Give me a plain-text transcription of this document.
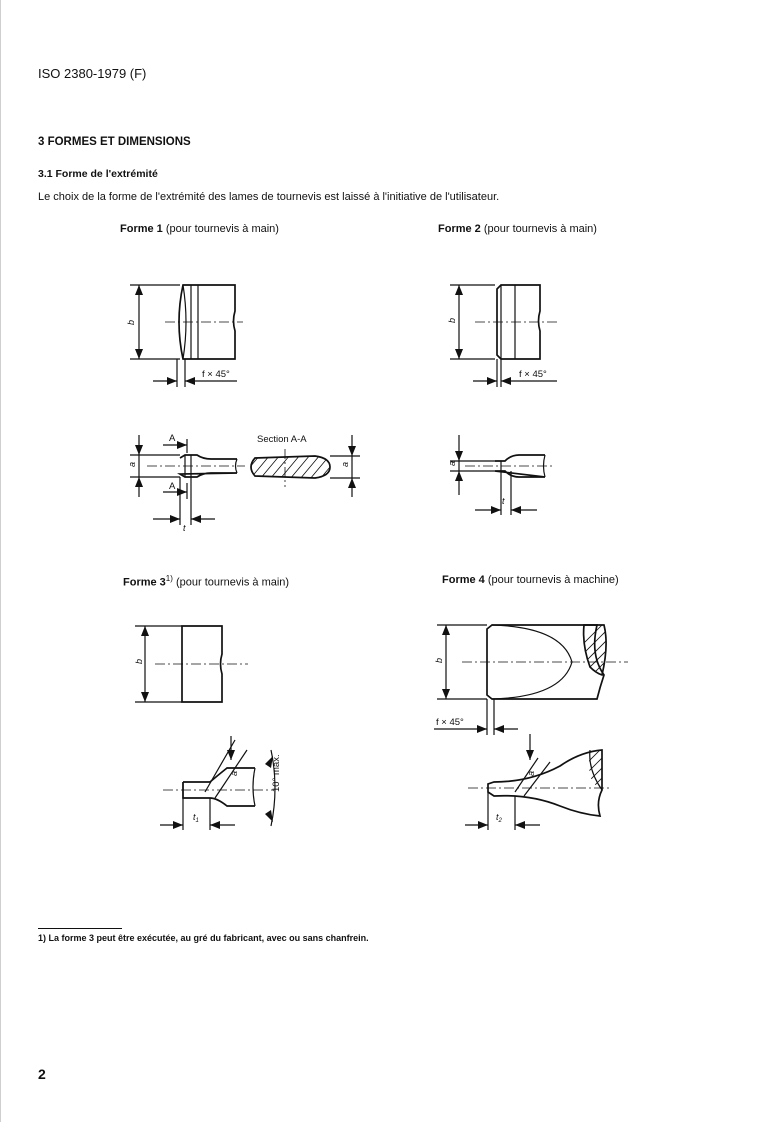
ISO 2380-1979 (F)
3 FORMES ET DIMENSIONS
3.1 Forme de l'extrémité
Le choix de la forme de l'extrémité des lames de tournevis est laissé à l'initiative de l'utilisateur.
Forme 1 (pour tournevis à main)	Forme 2 (pour tournevis à main)
Forme 3$^{1)}$ (pour tournevis à main)	Forme 4 (pour tournevis à machine)
b
f × 45°
a
A
A
t
Section A-A
a
b
f × 45°
a
t
b
a	10° max.
$t_1$
b
f × 45°
a
$t_2$
1) La forme 3 peut être exécutée, au gré du fabricant, avec ou sans chanfrein.
2
